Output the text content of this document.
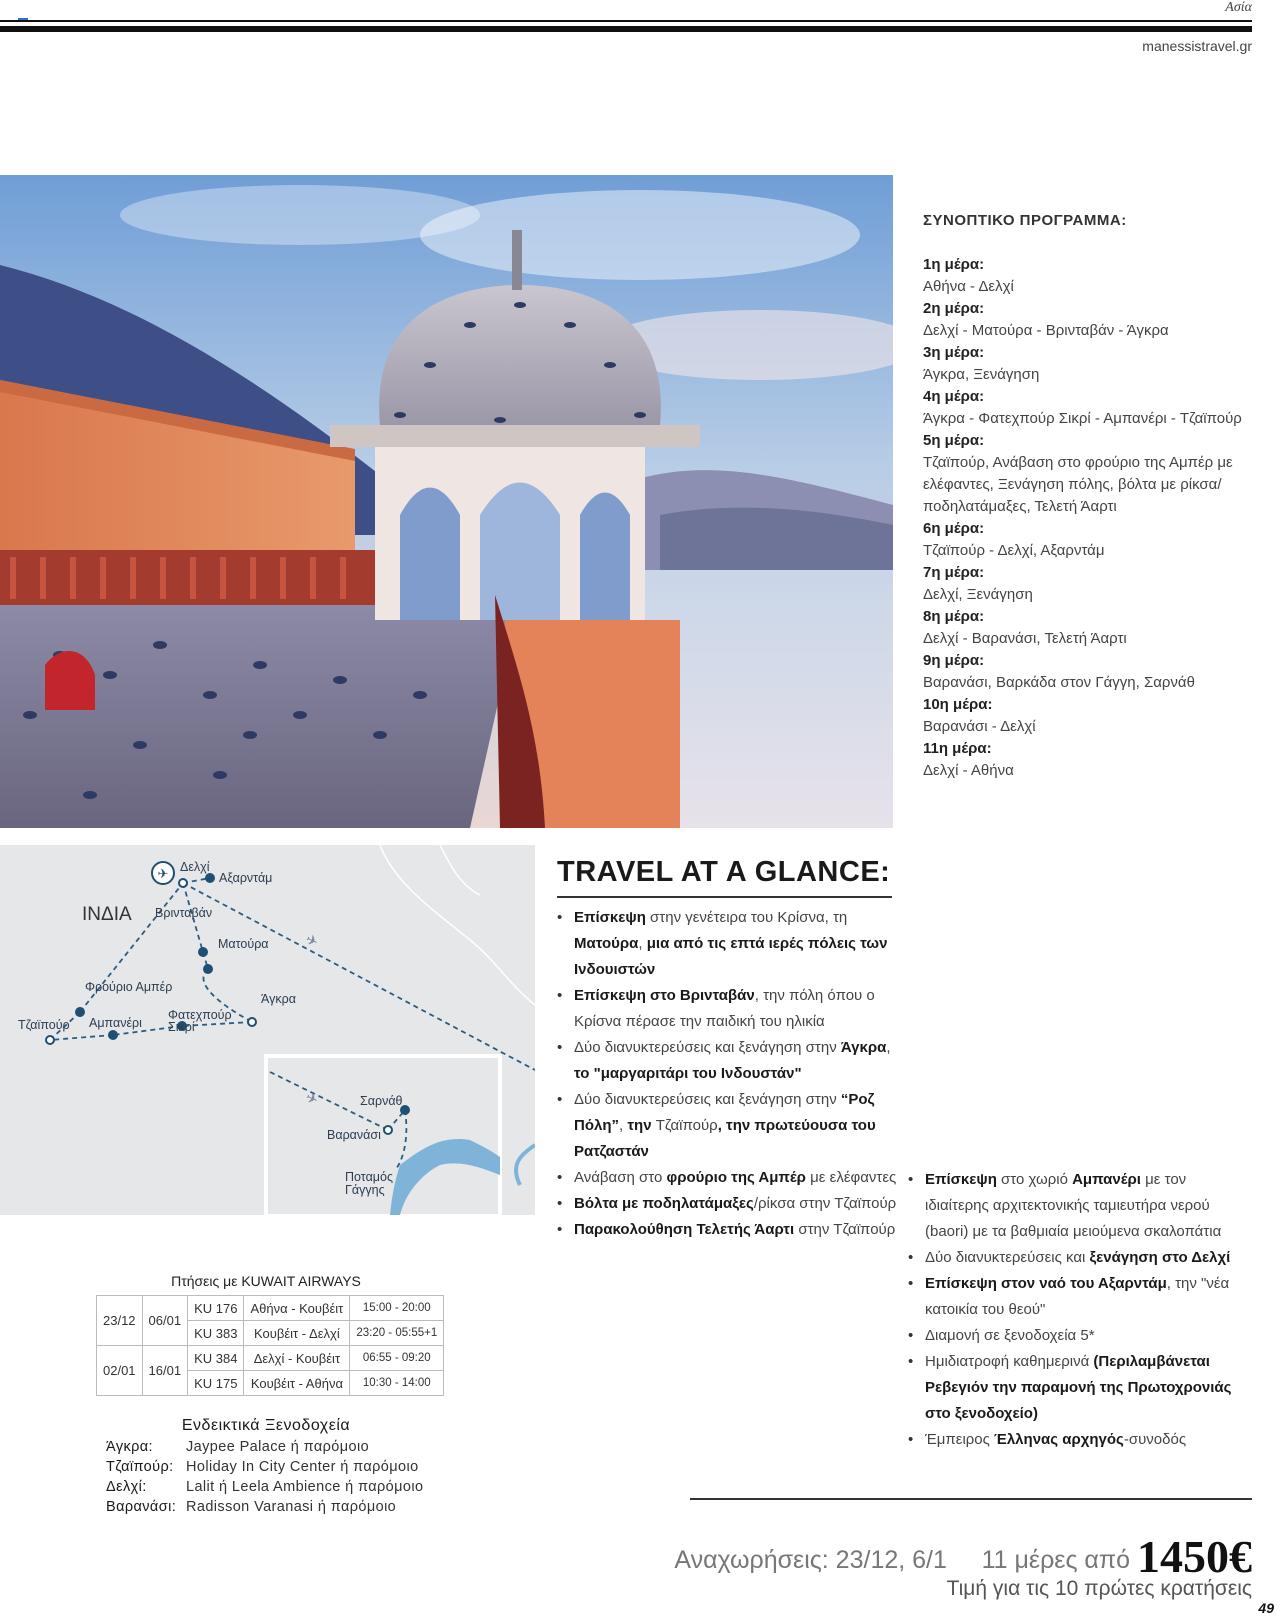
Ασία
manessistravel.gr
ΣΥΝΟΠΤΙΚΟ ΠΡΟΓΡΑΜΜΑ:
1η μέρα:
Αθήνα - Δελχί
2η μέρα:
Δελχί - Ματούρα - Βρινταβάν - Άγκρα
3η μέρα:
Άγκρα, Ξενάγηση
4η μέρα:
Άγκρα - Φατεχπούρ Σικρί - Αμπανέρι - Τζαϊπούρ
5η μέρα:
Τζαϊπούρ, Ανάβαση στο φρούριο της Αμπέρ με ελέφαντες, Ξενάγηση πόλης, βόλτα με ρίκσα/ποδηλατάμαξες, Τελετή Άαρτι
6η μέρα:
Τζαϊπούρ - Δελχί, Αξαρντάμ
7η μέρα:
Δελχί, Ξενάγηση
8η μέρα:
Δελχί - Βαρανάσι, Τελετή Άαρτι
9η μέρα:
Βαρανάσι, Βαρκάδα στον Γάγγη, Σαρνάθ
10η μέρα:
Βαρανάσι - Δελχί
11η μέρα:
Δελχί - Αθήνα
✈
✈
✈
ΙΝΔΙΑ
Δελχί
Αξαρντάμ
Βρινταβάν
Ματούρα
Άγκρα
Φρούριο Αμπέρ
Τζαϊπούρ Αμπανέρι
Φατεχπούρ
Σικρί
Σαρνάθ
Βαρανάσι
Ποταμός
Γάγγης
TRAVEL AT A GLANCE:
• Επίσκεψη στην γενέτειρα του Κρίσνα, τη Ματούρα, μια από τις επτά ιερές πόλεις των Ινδουιστών
• Επίσκεψη στο Βρινταβάν, την πόλη όπου ο Κρίσνα πέρασε την παιδική του ηλικία
• Δύο διανυκτερεύσεις και ξενάγηση στην Άγκρα, το "μαργαριτάρι του Ινδουστάν"
• Δύο διανυκτερεύσεις και ξενάγηση στην “Ροζ Πόλη”, την Τζαϊπούρ, την πρωτεύουσα του Ρατζαστάν
• Ανάβαση στο φρούριο της Αμπέρ με ελέφαντες
• Βόλτα με ποδηλατάμαξες/ρίκσα στην Τζαϊπούρ
• Παρακολούθηση Τελετής Άαρτι στην Τζαϊπούρ
• Επίσκεψη στο χωριό Αμπανέρι με τον ιδιαίτερης αρχιτεκτονικής ταμιευτήρα νερού (baori) με τα βαθμιαία μειούμενα σκαλοπάτια
• Δύο διανυκτερεύσεις και ξενάγηση στο Δελχί
• Επίσκεψη στον ναό του Αξαρντάμ, την "νέα κατοικία του θεού"
• Διαμονή σε ξενοδοχεία 5*
• Ημιδιατροφή καθημερινά (Περιλαμβάνεται Ρεβεγιόν την παραμονή της Πρωτοχρονιάς στο ξενοδοχείο)
• Έμπειρος Έλληνας αρχηγός-συνοδός
Πτήσεις με KUWAIT AIRWAYS
23/12	06/01	KU 176	Αθήνα - Κουβέιτ	15:00 - 20:00
		KU 383	Κουβέιτ - Δελχί	23:20 - 05:55+1
02/01	16/01	KU 384	Δελχί - Κουβέιτ	06:55 - 09:20
		KU 175	Κουβέιτ - Αθήνα	10:30 - 14:00
Ενδεικτικά Ξενοδοχεία
Άγκρα:	Jaypee Palace ή παρόμοιο
Τζαϊπούρ: Holiday In City Center ή παρόμοιο
Δελχί:	Lalit ή Leela Ambience ή παρόμοιο
Βαρανάσι: Radisson Varanasi ή παρόμοιο
Αναχωρήσεις: 23/12, 6/1 11 μέρες από 1450€
Τιμή για τις 10 πρώτες κρατήσεις
49
